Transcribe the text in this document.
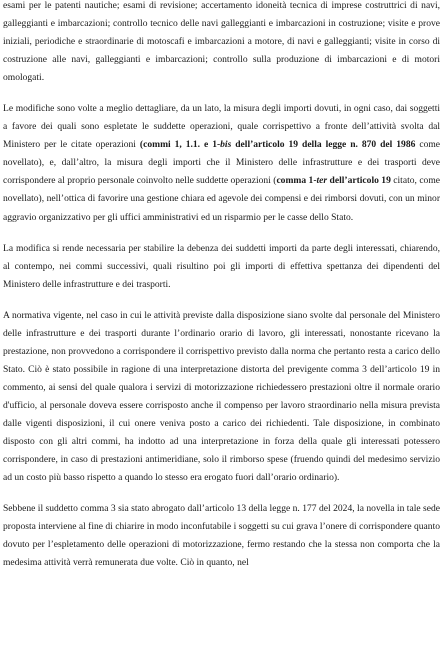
esami per le patenti nautiche; esami di revisione; accertamento idoneità tecnica di imprese costruttrici di navi, galleggianti e imbarcazioni; controllo tecnico delle navi galleggianti e imbarcazioni in costruzione; visite e prove iniziali, periodiche e straordinarie di motoscafi e imbarcazioni a motore, di navi e galleggianti; visite in corso di costruzione alle navi, galleggianti e imbarcazioni; controllo sulla produzione di imbarcazioni e di motori omologati.

Le modifiche sono volte a meglio dettagliare, da un lato, la misura degli importi dovuti, in ogni caso, dai soggetti a favore dei quali sono espletate le suddette operazioni, quale corrispettivo a fronte dell’attività svolta dal Ministero per le citate operazioni (commi 1, 1.1. e 1-bis dell’articolo 19 della legge n. 870 del 1986 come novellato), e, dall’altro, la misura degli importi che il Ministero delle infrastrutture e dei trasporti deve corrispondere al proprio personale coinvolto nelle suddette operazioni (comma 1-ter dell’articolo 19 citato, come novellato), nell’ottica di favorire una gestione chiara ed agevole dei compensi e dei rimborsi dovuti, con un minor aggravio organizzativo per gli uffici amministrativi ed un risparmio per le casse dello Stato.

La modifica si rende necessaria per stabilire la debenza dei suddetti importi da parte degli interessati, chiarendo, al contempo, nei commi successivi, quali risultino poi gli importi di effettiva spettanza dei dipendenti del Ministero delle infrastrutture e dei trasporti.

A normativa vigente, nel caso in cui le attività previste dalla disposizione siano svolte dal personale del Ministero delle infrastrutture e dei trasporti durante l’ordinario orario di lavoro, gli interessati, nonostante ricevano la prestazione, non provvedono a corrispondere il corrispettivo previsto dalla norma che pertanto resta a carico dello Stato. Ciò è stato possibile in ragione di una interpretazione distorta del previgente comma 3 dell’articolo 19 in commento, ai sensi del quale qualora i servizi di motorizzazione richiedessero prestazioni oltre il normale orario d'ufficio, al personale doveva essere corrisposto anche il compenso per lavoro straordinario nella misura prevista dalle vigenti disposizioni, il cui onere veniva posto a carico dei richiedenti. Tale disposizione, in combinato disposto con gli altri commi, ha indotto ad una interpretazione in forza della quale gli interessati potessero corrispondere, in caso di prestazioni antimeridiane, solo il rimborso spese (fruendo quindi del medesimo servizio ad un costo più basso rispetto a quando lo stesso era erogato fuori dall’orario ordinario).

Sebbene il suddetto comma 3 sia stato abrogato dall’articolo 13 della legge n. 177 del 2024, la novella in tale sede proposta interviene al fine di chiarire in modo inconfutabile i soggetti su cui grava l’onere di corrispondere quanto dovuto per l’espletamento delle operazioni di motorizzazione, fermo restando che la stessa non comporta che la medesima attività verrà remunerata due volte. Ciò in quanto, nel
